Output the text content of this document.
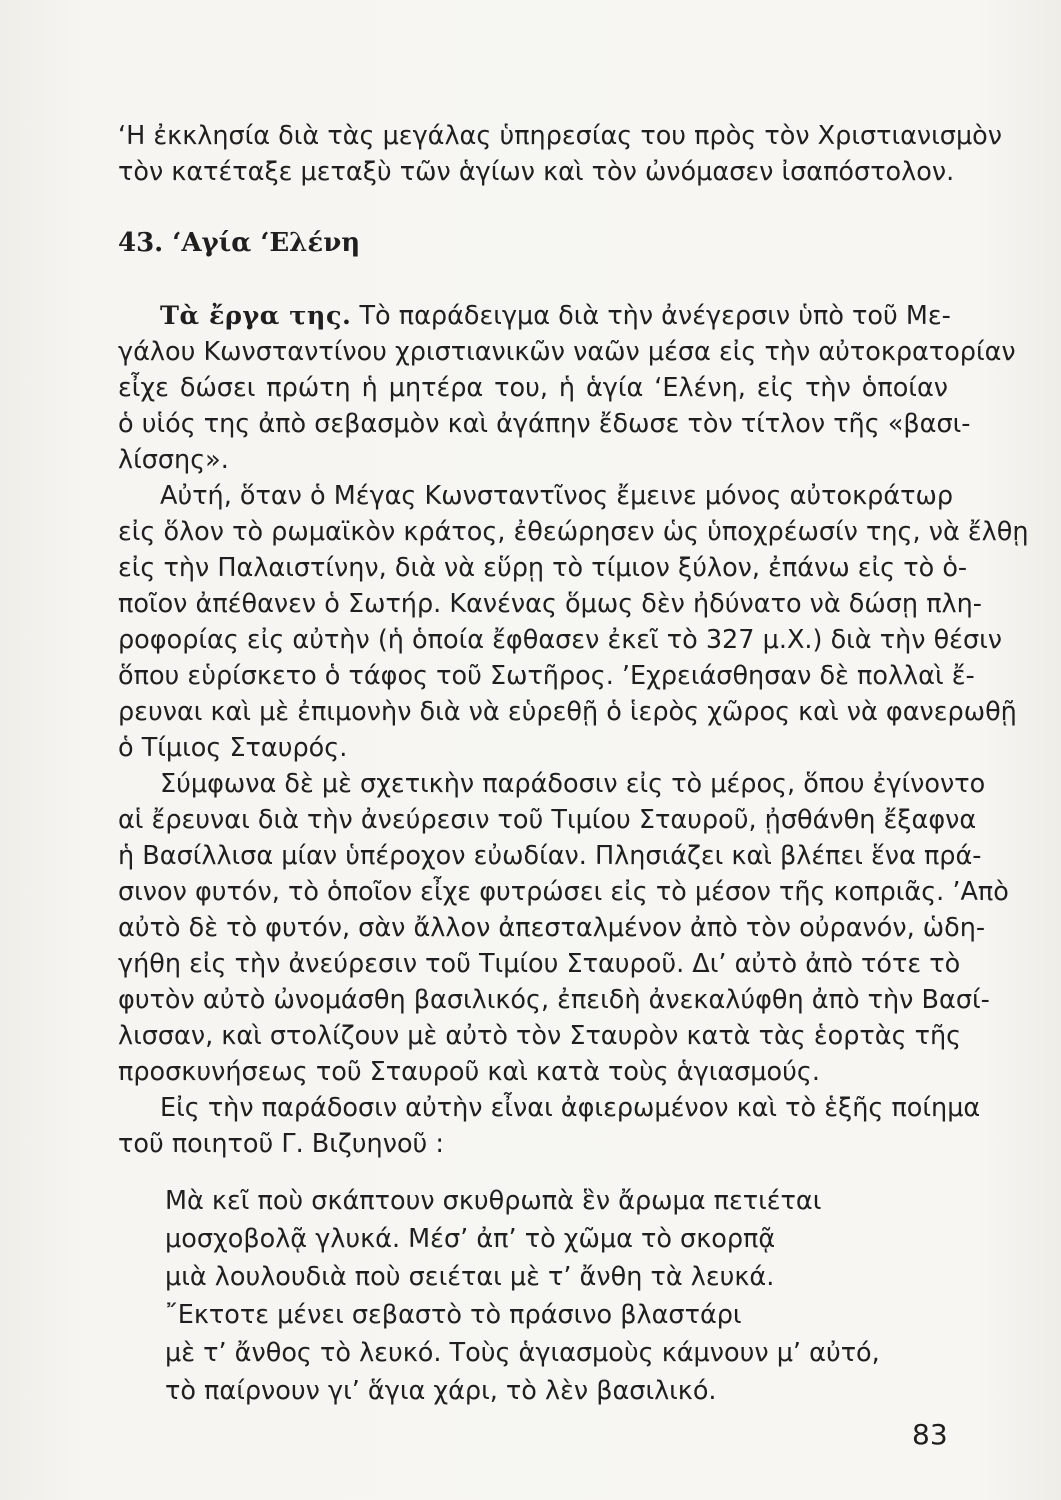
‘Η ἐκκλησία διὰ τὰς μεγάλας ὑπηρεσίας του πρὸς τὸν Χριστιανισμὸν
τὸν κατέταξε μεταξὺ τῶν ἁγίων καὶ τὸν ὠνόμασεν ἰσαπόστολον.
43. ‘Αγία ‘Ελένη
Τὰ ἔργα της. Τὸ παράδειγμα διὰ τὴν ἀνέγερσιν ὑπὸ τοῦ Με-
γάλου Κωνσταντίνου χριστιανικῶν ναῶν μέσα εἰς τὴν αὐτοκρατορίαν
εἶχε δώσει πρώτη ἡ μητέρα του, ἡ ἁγία ‘Ελένη, εἰς τὴν ὁποίαν
ὁ υἱός της ἀπὸ σεβασμὸν καὶ ἀγάπην ἔδωσε τὸν τίτλον τῆς «βασι-
λίσσης».
Αὐτή, ὅταν ὁ Μέγας Κωνσταντῖνος ἔμεινε μόνος αὐτοκράτωρ
εἰς ὅλον τὸ ρωμαϊκὸν κράτος, ἐθεώρησεν ὡς ὑποχρέωσίν της, νὰ ἔλθῃ
εἰς τὴν Παλαιστίνην, διὰ νὰ εὕρῃ τὸ τίμιον ξύλον, ἐπάνω εἰς τὸ ὁ-
ποῖον ἀπέθανεν ὁ Σωτήρ. Κανένας ὅμως δὲν ἠδύνατο νὰ δώσῃ πλη-
ροφορίας εἰς αὐτὴν (ἡ ὁποία ἔφθασεν ἐκεῖ τὸ 327 μ.Χ.) διὰ τὴν θέσιν
ὅπου εὑρίσκετο ὁ τάφος τοῦ Σωτῆρος. ’Εχρειάσθησαν δὲ πολλαὶ ἔ-
ρευναι καὶ μὲ ἐπιμονὴν διὰ νὰ εὑρεθῇ ὁ ἱερὸς χῶρος καὶ νὰ φανερωθῇ
ὁ Τίμιος Σταυρός.
Σύμφωνα δὲ μὲ σχετικὴν παράδοσιν εἰς τὸ μέρος, ὅπου ἐγίνοντο
αἱ ἔρευναι διὰ τὴν ἀνεύρεσιν τοῦ Τιμίου Σταυροῦ, ᾐσθάνθη ἔξαφνα
ἡ Βασίλλισα μίαν ὑπέροχον εὐωδίαν. Πλησιάζει καὶ βλέπει ἕνα πρά-
σινον φυτόν, τὸ ὁποῖον εἶχε φυτρώσει εἰς τὸ μέσον τῆς κοπριᾶς. ’Απὸ
αὐτὸ δὲ τὸ φυτόν, σὰν ἄλλον ἀπεσταλμένον ἀπὸ τὸν οὐρανόν, ὡδη-
γήθη εἰς τὴν ἀνεύρεσιν τοῦ Τιμίου Σταυροῦ. Δι’ αὐτὸ ἀπὸ τότε τὸ
φυτὸν αὐτὸ ὠνομάσθη βασιλικός, ἐπειδὴ ἀνεκαλύφθη ἀπὸ τὴν Βασί-
λισσαν, καὶ στολίζουν μὲ αὐτὸ τὸν Σταυρὸν κατὰ τὰς ἑορτὰς τῆς
προσκυνήσεως τοῦ Σταυροῦ καὶ κατὰ τοὺς ἁγιασμούς.
Εἰς τὴν παράδοσιν αὐτὴν εἶναι ἀφιερωμένον καὶ τὸ ἑξῆς ποίημα
τοῦ ποιητοῦ Γ. Βιζυηνοῦ :
Μὰ κεῖ ποὺ σκάπτουν σκυθρωπὰ ἓν ἄρωμα πετιέται
μοσχοβολᾷ γλυκά. Μέσ’ ἀπ’ τὸ χῶμα τὸ σκορπᾷ
μιὰ λουλουδιὰ ποὺ σειέται μὲ τ’ ἄνθη τὰ λευκά.
῎Εκτοτε μένει σεβαστὸ τὸ πράσινο βλαστάρι
μὲ τ’ ἄνθος τὸ λευκό. Τοὺς ἁγιασμοὺς κάμνουν μ’ αὐτό,
τὸ παίρνουν γι’ ἅγια χάρι, τὸ λὲν βασιλικό.
83
